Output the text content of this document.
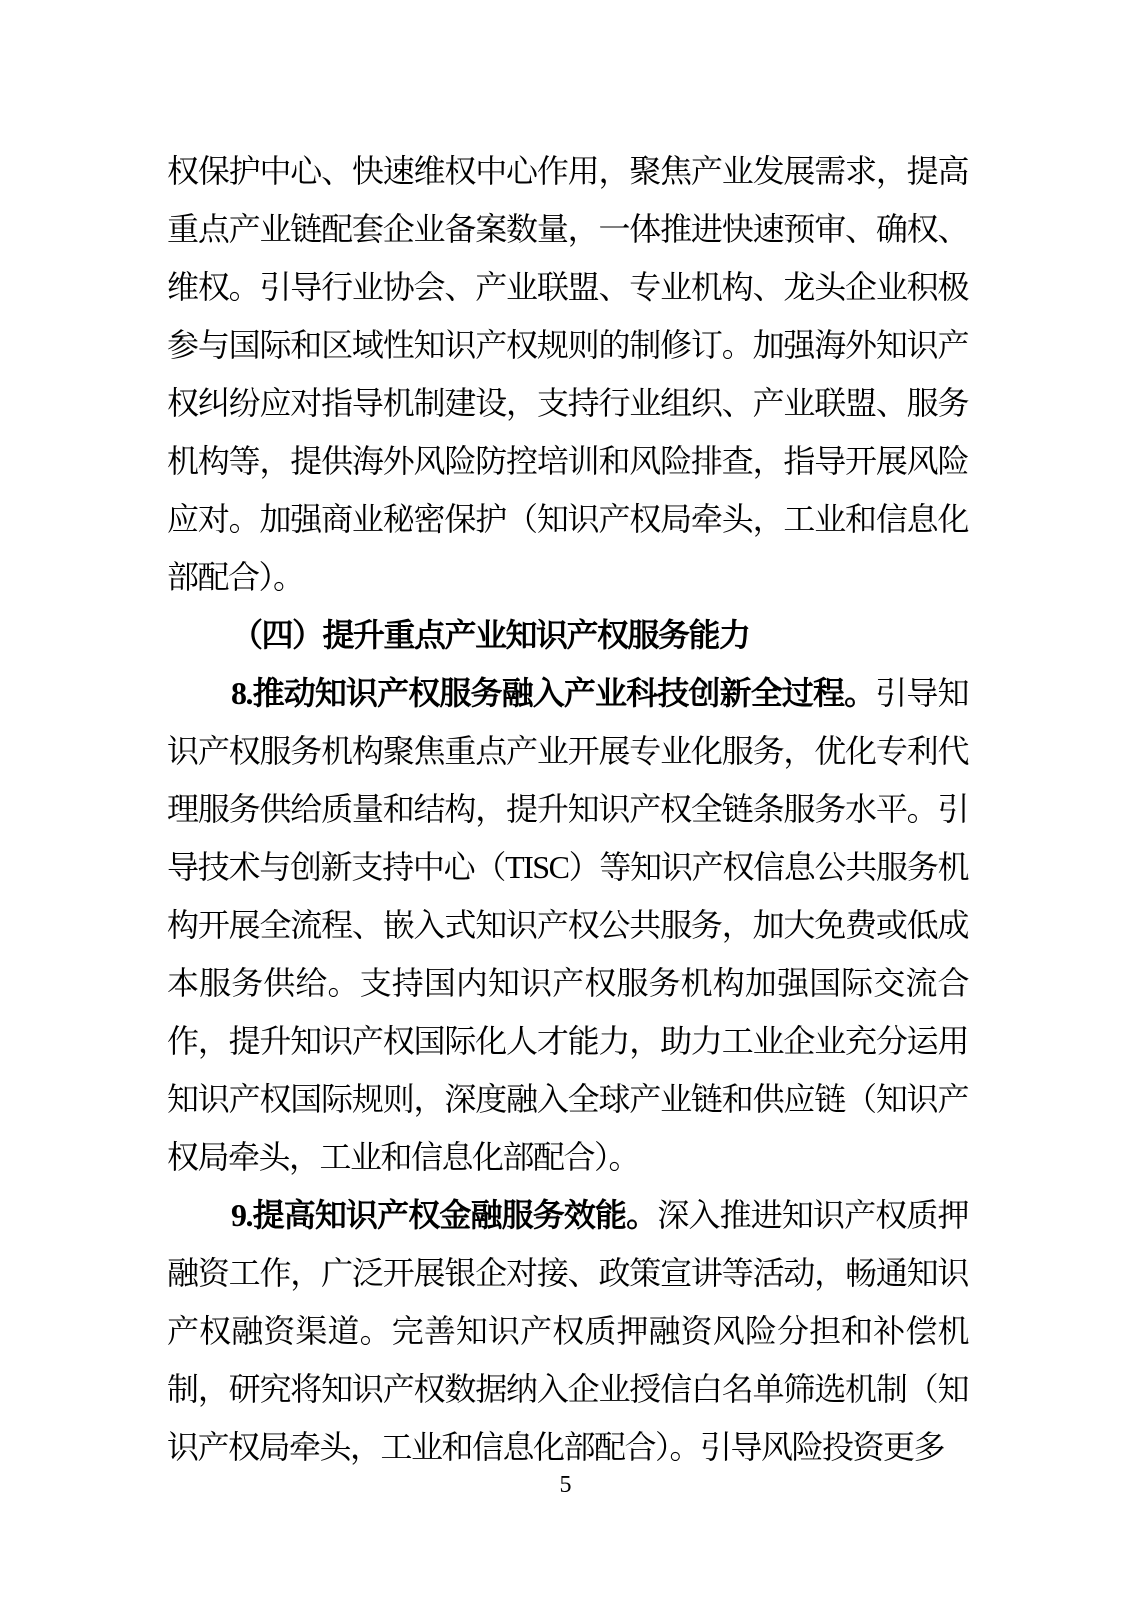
权保护中心、快速维权中心作用，聚焦产业发展需求，提高重点产业链配套企业备案数量，一体推进快速预审、确权、维权。引导行业协会、产业联盟、专业机构、龙头企业积极参与国际和区域性知识产权规则的制修订。加强海外知识产权纠纷应对指导机制建设，支持行业组织、产业联盟、服务机构等，提供海外风险防控培训和风险排查，指导开展风险应对。加强商业秘密保护（知识产权局牵头，工业和信息化部配合）。

（四）提升重点产业知识产权服务能力

8.推动知识产权服务融入产业科技创新全过程。引导知识产权服务机构聚焦重点产业开展专业化服务，优化专利代理服务供给质量和结构，提升知识产权全链条服务水平。引导技术与创新支持中心（TISC）等知识产权信息公共服务机构开展全流程、嵌入式知识产权公共服务，加大免费或低成本服务供给。支持国内知识产权服务机构加强国际交流合作，提升知识产权国际化人才能力，助力工业企业充分运用知识产权国际规则，深度融入全球产业链和供应链（知识产权局牵头，工业和信息化部配合）。

9.提高知识产权金融服务效能。深入推进知识产权质押融资工作，广泛开展银企对接、政策宣讲等活动，畅通知识产权融资渠道。完善知识产权质押融资风险分担和补偿机制，研究将知识产权数据纳入企业授信白名单筛选机制（知识产权局牵头，工业和信息化部配合）。引导风险投资更多

5
